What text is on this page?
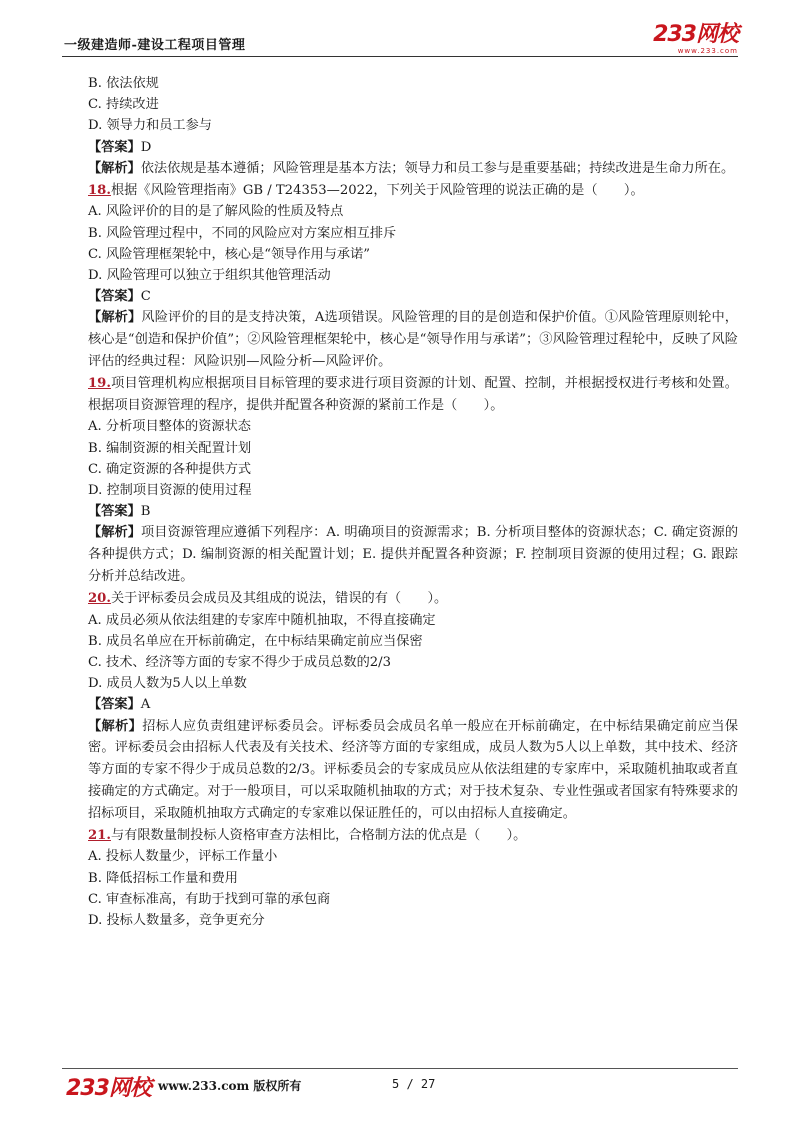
一级建造师-建设工程项目管理	233网校
www.233.com
B. 依法依规
C. 持续改进
D. 领导力和员工参与
【答案】D
【解析】依法依规是基本遵循；风险管理是基本方法；领导力和员工参与是重要基础；持续改进是生命力所在。
18.根据《风险管理指南》GB / T24353—2022，下列关于风险管理的说法正确的是（　　）。
A. 风险评价的目的是了解风险的性质及特点
B. 风险管理过程中，不同的风险应对方案应相互排斥
C. 风险管理框架轮中，核心是“领导作用与承诺”
D. 风险管理可以独立于组织其他管理活动
【答案】C
【解析】风险评价的目的是支持决策，A选项错误。风险管理的目的是创造和保护价值。①风险管理原则轮中，核心是“创造和保护价值”；②风险管理框架轮中，核心是“领导作用与承诺”；③风险管理过程轮中，反映了风险评估的经典过程：风险识别—风险分析—风险评价。
19.项目管理机构应根据项目目标管理的要求进行项目资源的计划、配置、控制，并根据授权进行考核和处置。根据项目资源管理的程序，提供并配置各种资源的紧前工作是（　　）。
A. 分析项目整体的资源状态
B. 编制资源的相关配置计划
C. 确定资源的各种提供方式
D. 控制项目资源的使用过程
【答案】B
【解析】项目资源管理应遵循下列程序：A. 明确项目的资源需求；B. 分析项目整体的资源状态；C. 确定资源的各种提供方式；D. 编制资源的相关配置计划；E. 提供并配置各种资源；F. 控制项目资源的使用过程；G. 跟踪分析并总结改进。
20.关于评标委员会成员及其组成的说法，错误的有（　　）。
A. 成员必须从依法组建的专家库中随机抽取，不得直接确定
B. 成员名单应在开标前确定，在中标结果确定前应当保密
C. 技术、经济等方面的专家不得少于成员总数的2/3
D. 成员人数为5人以上单数
【答案】A
【解析】招标人应负责组建评标委员会。评标委员会成员名单一般应在开标前确定，在中标结果确定前应当保密。评标委员会由招标人代表及有关技术、经济等方面的专家组成，成员人数为5人以上单数，其中技术、经济等方面的专家不得少于成员总数的2/3。评标委员会的专家成员应从依法组建的专家库中，采取随机抽取或者直接确定的方式确定。对于一般项目，可以采取随机抽取的方式；对于技术复杂、专业性强或者国家有特殊要求的招标项目，采取随机抽取方式确定的专家难以保证胜任的，可以由招标人直接确定。
21.与有限数量制投标人资格审查方法相比，合格制方法的优点是（　　）。
A. 投标人数量少，评标工作量小
B. 降低招标工作量和费用
C. 审查标准高，有助于找到可靠的承包商
D. 投标人数量多，竞争更充分
233网校 www.233.com 版权所有	5 / 27
